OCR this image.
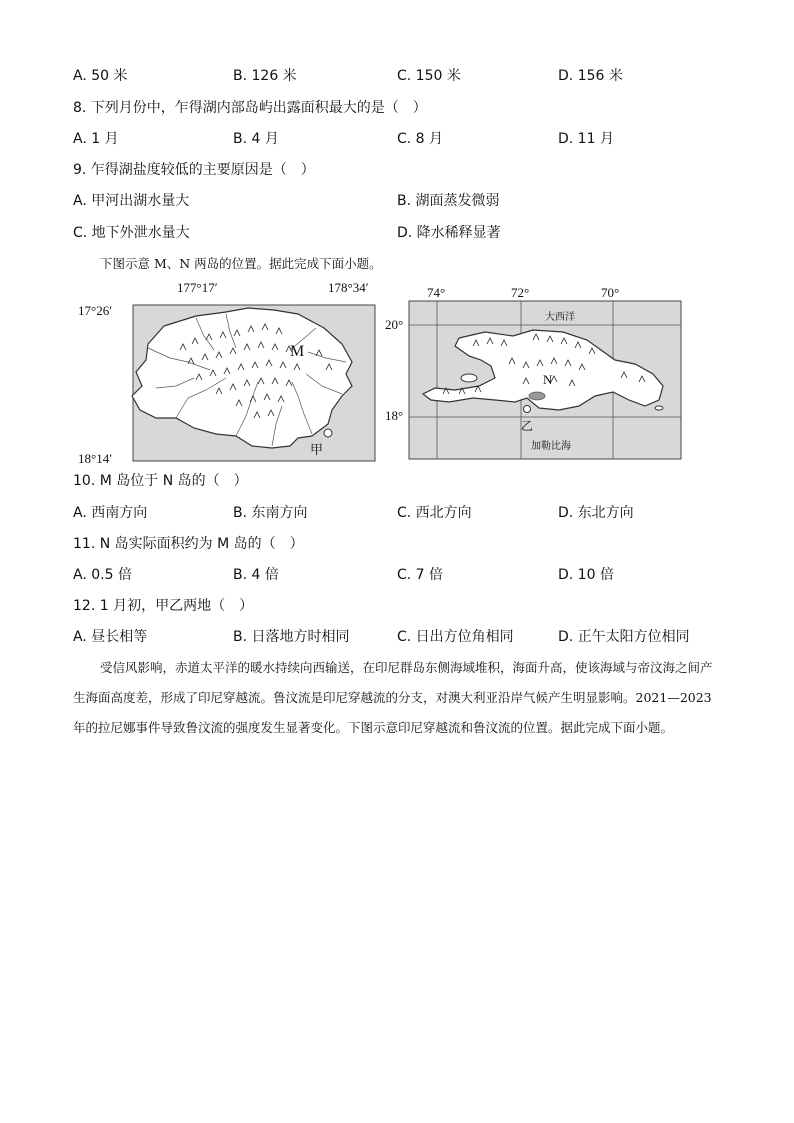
A. 50 米	B. 126 米	C. 150 米	D. 156 米
8. 下列月份中，乍得湖内部岛屿出露面积最大的是（　）
A. 1 月	B. 4 月	C. 8 月	D. 11 月
9. 乍得湖盐度较低的主要原因是（　）
A. 甲河出湖水量大	B. 湖面蒸发微弱
C. 地下外泄水量大	D. 降水稀释显著
下图示意 M、N 两岛的位置。据此完成下面小题。
177°17′	178°34′
17°26′
18°14′
M
甲
74°	72°	70°
20°
18°
大西洋
加勒比海
N
乙
10. M 岛位于 N 岛的（　）
A. 西南方向	B. 东南方向	C. 西北方向	D. 东北方向
11. N 岛实际面积约为 M 岛的（　）
A. 0.5 倍	B. 4 倍	C. 7 倍	D. 10 倍
12. 1 月初，甲乙两地（　）
A. 昼长相等	B. 日落地方时相同	C. 日出方位角相同	D. 正午太阳方位相同
受信风影响，赤道太平洋的暖水持续向西输送，在印尼群岛东侧海域堆积，海面升高，使该海域与帝汶海之间产生海面高度差，形成了印尼穿越流。鲁汶流是印尼穿越流的分支，对澳大利亚沿岸气候产生明显影响。2021—2023 年的拉尼娜事件导致鲁汶流的强度发生显著变化。下图示意印尼穿越流和鲁汶流的位置。据此完成下面小题。
